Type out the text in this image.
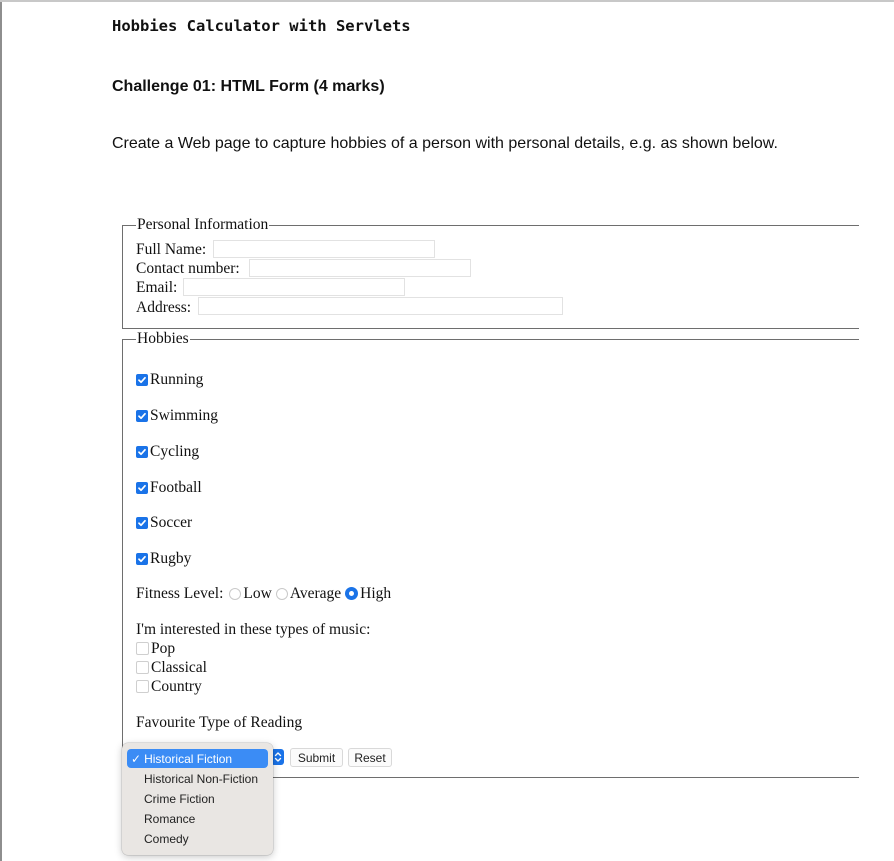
Hobbies Calculator with Servlets
Challenge 01: HTML Form (4 marks)

Create a Web page to capture hobbies of a person with personal details, e.g. as shown below.

Personal Information
Full Name:
Contact number:
Email:
Address:
Hobbies
Running
Swimming
Cycling
Football
Soccer
Rugby
Fitness Level: Low Average High
I'm interested in these types of music:
Pop
Classical
Country
Favourite Type of Reading
Submit	Reset
✓ Historical Fiction
Historical Non-Fiction
Crime Fiction
Romance
Comedy
